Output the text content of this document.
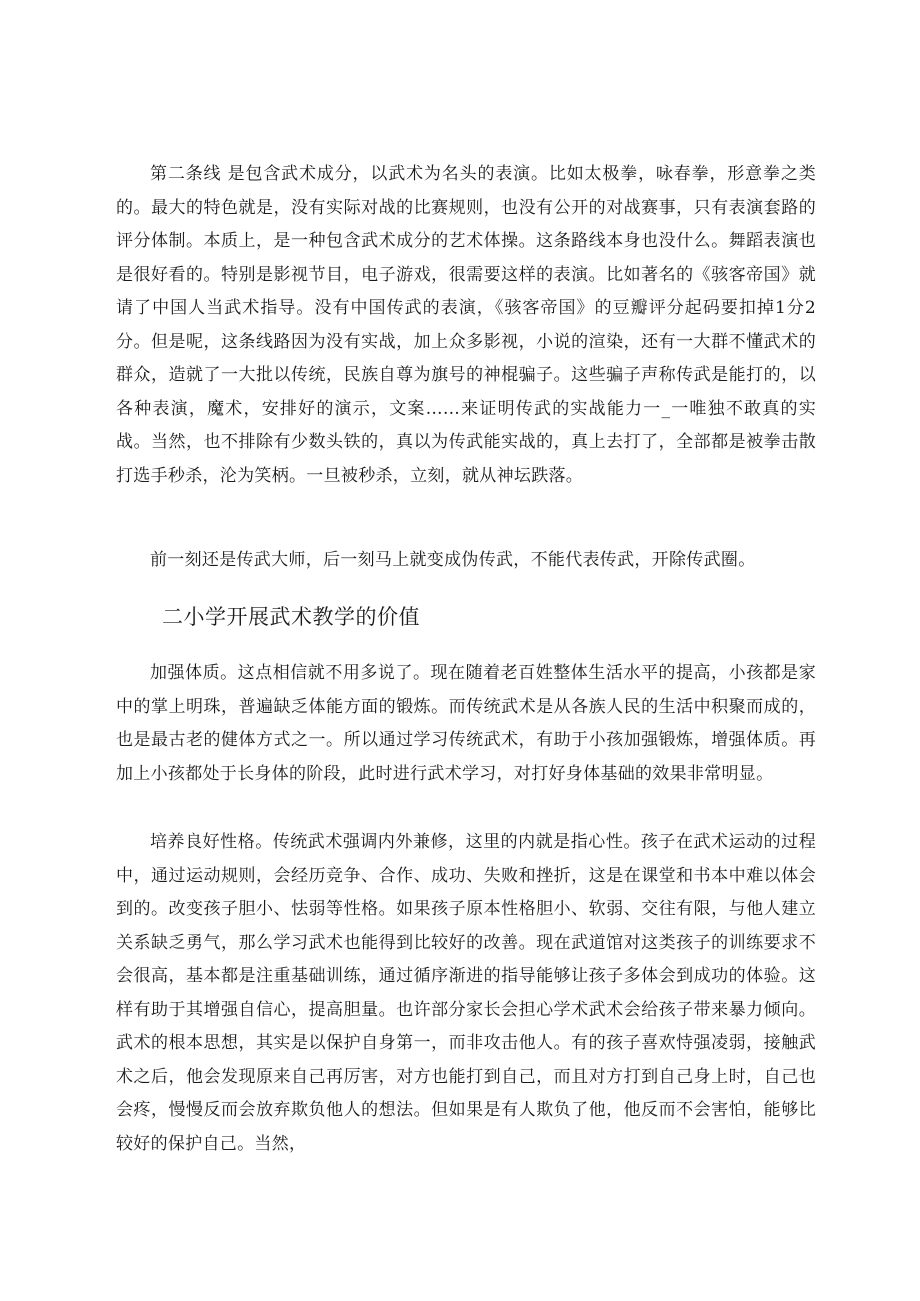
第二条线 是包含武术成分，以武术为名头的表演。比如太极拳，咏春拳，形意拳之类的。最大的特色就是，没有实际对战的比赛规则，也没有公开的对战赛事，只有表演套路的评分体制。本质上，是一种包含武术成分的艺术体操。这条路线本身也没什么。舞蹈表演也是很好看的。特别是影视节目，电子游戏，很需要这样的表演。比如著名的《骇客帝国》就请了中国人当武术指导。没有中国传武的表演，《骇客帝国》的豆瓣评分起码要扣掉1分2分。但是呢，这条线路因为没有实战，加上众多影视，小说的渲染，还有一大群不懂武术的群众，造就了一大批以传统，民族自尊为旗号的神棍骗子。这些骗子声称传武是能打的，以各种表演，魔术，安排好的演示，文案……来证明传武的实战能力一_一唯独不敢真的实战。当然，也不排除有少数头铁的，真以为传武能实战的，真上去打了，全部都是被拳击散打选手秒杀，沦为笑柄。一旦被秒杀，立刻，就从神坛跌落。

前一刻还是传武大师，后一刻马上就变成伪传武，不能代表传武，开除传武圈。

二小学开展武术教学的价值

加强体质。这点相信就不用多说了。现在随着老百姓整体生活水平的提高，小孩都是家中的掌上明珠，普遍缺乏体能方面的锻炼。而传统武术是从各族人民的生活中积聚而成的，也是最古老的健体方式之一。所以通过学习传统武术，有助于小孩加强锻炼，增强体质。再加上小孩都处于长身体的阶段，此时进行武术学习，对打好身体基础的效果非常明显。

培养良好性格。传统武术强调内外兼修，这里的内就是指心性。孩子在武术运动的过程中，通过运动规则，会经历竞争、合作、成功、失败和挫折，这是在课堂和书本中难以体会到的。改变孩子胆小、怯弱等性格。如果孩子原本性格胆小、软弱、交往有限，与他人建立关系缺乏勇气，那么学习武术也能得到比较好的改善。现在武道馆对这类孩子的训练要求不会很高，基本都是注重基础训练，通过循序渐进的指导能够让孩子多体会到成功的体验。这样有助于其增强自信心，提高胆量。也许部分家长会担心学术武术会给孩子带来暴力倾向。武术的根本思想，其实是以保护自身第一，而非攻击他人。有的孩子喜欢恃强凌弱，接触武术之后，他会发现原来自己再厉害，对方也能打到自己，而且对方打到自己身上时，自己也会疼，慢慢反而会放弃欺负他人的想法。但如果是有人欺负了他，他反而不会害怕，能够比较好的保护自己。当然，
